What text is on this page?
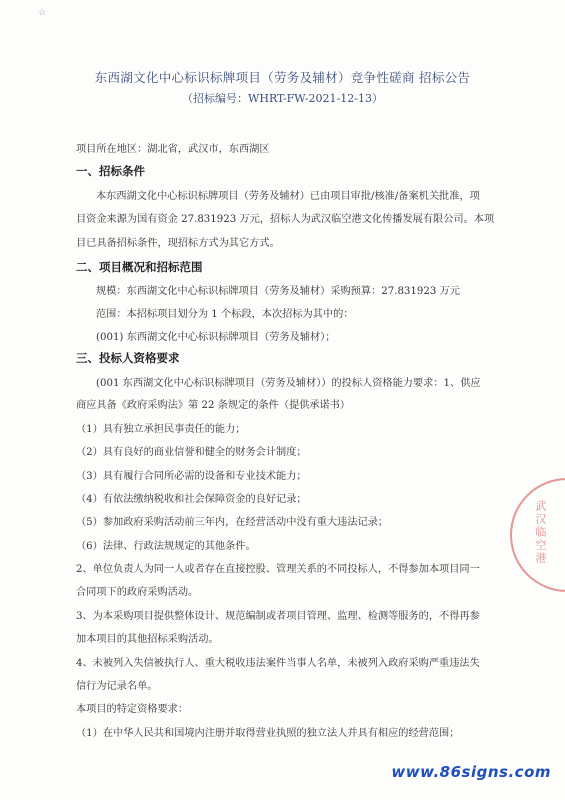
☆
东西湖文化中心标识标牌项目（劳务及辅材）竞争性磋商 招标公告
（招标编号：WHRT-FW-2021-12-13）
项目所在地区：湖北省，武汉市，东西湖区
一、招标条件
本东西湖文化中心标识标牌项目（劳务及辅材）已由项目审批/核准/备案机关批准，项
目资金来源为国有资金 27.831923 万元，招标人为武汉临空港文化传播发展有限公司。本项
目已具备招标条件，现招标方式为其它方式。
二、项目概况和招标范围
规模：东西湖文化中心标识标牌项目（劳务及辅材）采购预算：27.831923 万元
范围：本招标项目划分为 1 个标段，本次招标为其中的：
(001) 东西湖文化中心标识标牌项目（劳务及辅材）；
三、投标人资格要求
(001 东西湖文化中心标识标牌项目（劳务及辅材））的投标人资格能力要求：1、供应
商应具备《政府采购法》第 22 条规定的条件（提供承诺书）
（1）具有独立承担民事责任的能力；
（2）具有良好的商业信誉和健全的财务会计制度；
（3）具有履行合同所必需的设备和专业技术能力；
（4）有依法缴纳税收和社会保障资金的良好记录；
（5）参加政府采购活动前三年内，在经营活动中没有重大违法记录；
（6）法律、行政法规规定的其他条件。
2、单位负责人为同一人或者存在直接控股、管理关系的不同投标人，不得参加本项目同一
合同项下的政府采购活动。
3、为本采购项目提供整体设计、规范编制或者项目管理、监理、检测等服务的，不得再参
加本项目的其他招标采购活动。
4、未被列入失信被执行人、重大税收违法案件当事人名单，未被列入政府采购严重违法失
信行为记录名单。
本项目的特定资格要求：
（1）在中华人民共和国境内注册并取得营业执照的独立法人并具有相应的经营范围；
武汉临空港
www.86signs.com
